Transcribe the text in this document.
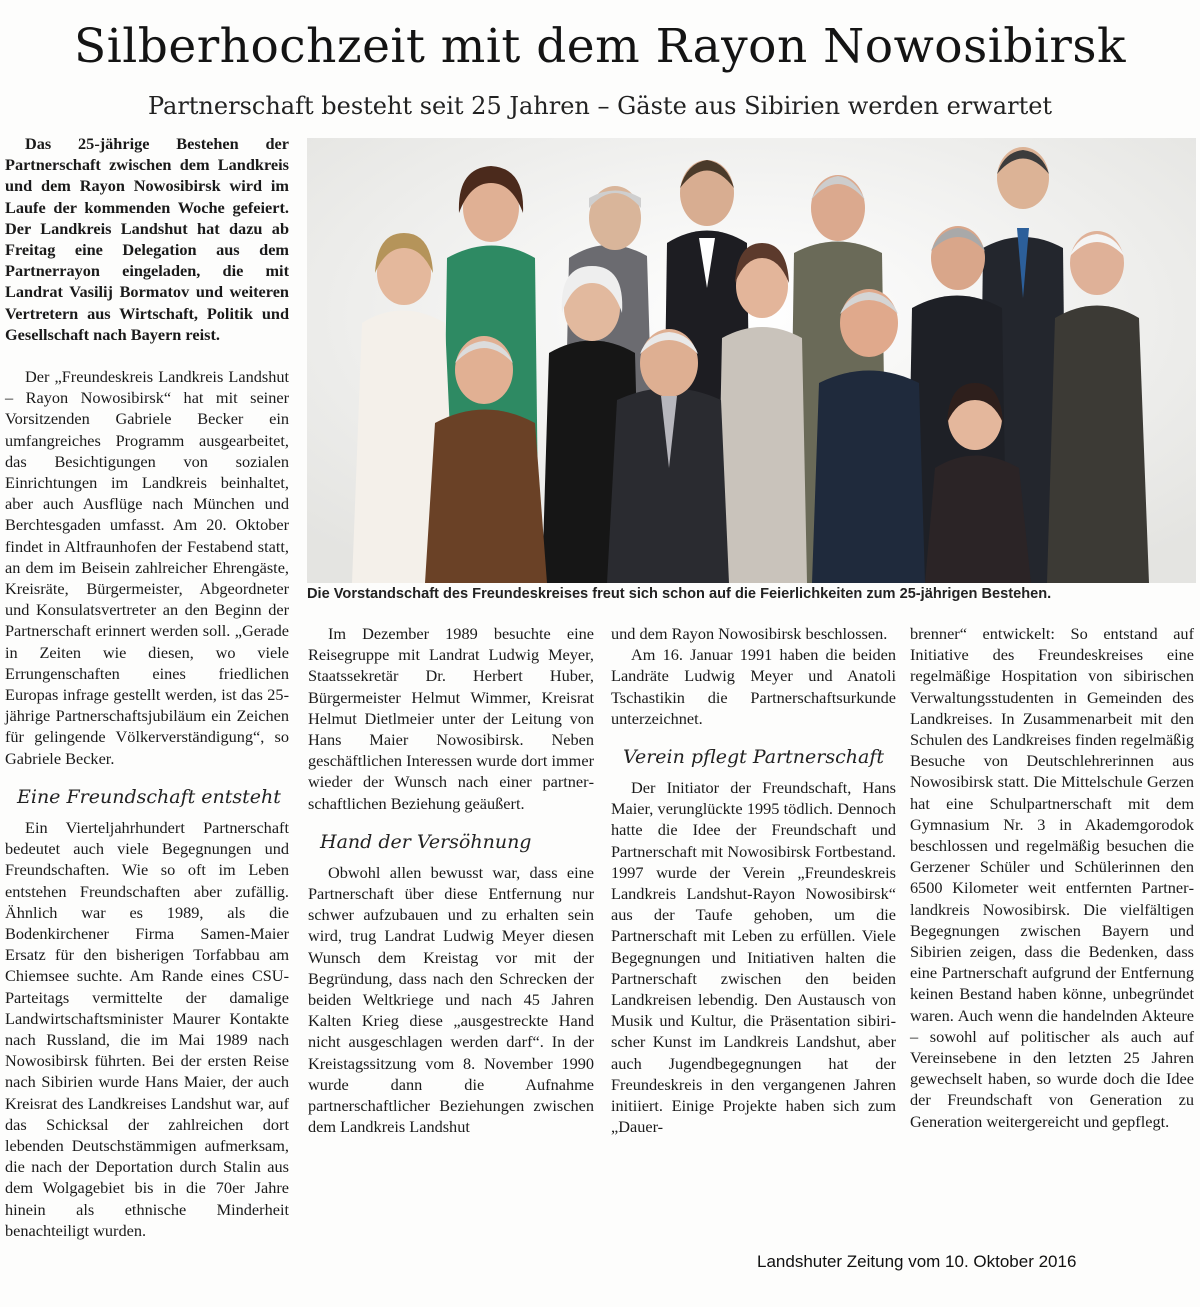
Silberhochzeit mit dem Rayon Nowosibirsk
Partnerschaft besteht seit 25 Jahren – Gäste aus Sibirien werden erwartet

Das 25-jährige Bestehen der Partnerschaft zwischen dem Landkreis und dem Rayon Nowosibirsk wird im Laufe der kommenden Woche gefeiert. Der Landkreis Landshut hat dazu ab Freitag eine Delegation aus dem Partnerrayon eingeladen, die mit Landrat Vasilij Bormatov und weiteren Vertretern aus Wirtschaft, Politik und Gesellschaft nach Bayern reist.

Der „Freundeskreis Landkreis Landshut – Rayon Nowosibirsk“ hat mit seiner Vorsitzenden Gabriele Becker ein umfangreiches Programm ausgearbeitet, das Besichtigungen von sozialen Einrichtungen im Landkreis beinhaltet, aber auch Ausflüge nach München und Berchtesgaden umfasst. Am 20. Oktober findet in Altfraunhofen der Festabend statt, an dem im Beisein zahlreicher Ehrengäste, Kreisräte, Bürgermeister, Abgeordneter und Konsulatsvertreter an den Beginn der Partnerschaft erinnert werden soll. „Gerade in Zeiten wie diesen, wo viele Errungenschaften eines friedlichen Europas infrage gestellt werden, ist das 25-jährige Partnerschaftsjubiläum ein Zeichen für gelingende Völkerverständigung“, so Gabriele Becker.

Eine Freundschaft entsteht

Ein Vierteljahrhundert Partnerschaft bedeutet auch viele Begegnungen und Freundschaften. Wie so oft im Leben entstehen Freundschaften aber zufällig. Ähnlich war es 1989, als die Bodenkirchener Firma Samen-Maier Ersatz für den bisherigen Torfabbau am Chiemsee suchte. Am Rande eines CSU-Parteitags vermittelte der damalige Landwirtschaftsminister Maurer Kontakte nach Russland, die im Mai 1989 nach Nowosibirsk führten. Bei der ersten Reise nach Sibirien wurde Hans Maier, der auch Kreisrat des Landkreises Landshut war, auf das Schicksal der zahlreichen dort lebenden Deutschstämmigen aufmerksam, die nach der Deportation durch Stalin aus dem Wolgagebiet bis in die 70er Jahre hinein als ethnische Minderheit benachteiligt wurden.

Die Vorstandschaft des Freundeskreises freut sich schon auf die Feierlichkeiten zum 25-jährigen Bestehen.

Im Dezember 1989 besuchte eine Reisegruppe mit Landrat Ludwig Meyer, Staatssekretär Dr. Herbert Huber, Bürgermeister Helmut Wimmer, Kreisrat Helmut Dietlmeier unter der Leitung von Hans Maier Nowosibirsk. Neben geschäftlichen Interessen wurde dort immer wieder der Wunsch nach einer partnerschaftlichen Beziehung geäußert.

Hand der Versöhnung

Obwohl allen bewusst war, dass eine Partnerschaft über diese Entfernung nur schwer aufzubauen und zu erhalten sein wird, trug Landrat Ludwig Meyer diesen Wunsch dem Kreistag vor mit der Begründung, dass nach den Schrecken der beiden Weltkriege und nach 45 Jahren Kalten Krieg diese „ausgestreckte Hand nicht ausgeschlagen werden darf“. In der Kreistagssitzung vom 8. November 1990 wurde dann die Aufnahme partnerschaftlicher Beziehungen zwischen dem Landkreis Landshut

und dem Rayon Nowosibirsk beschlossen.

Am 16. Januar 1991 haben die beiden Landräte Ludwig Meyer und Anatoli Tschastikin die Partnerschaftsurkunde unterzeichnet.

Verein pflegt Partnerschaft

Der Initiator der Freundschaft, Hans Maier, verunglückte 1995 tödlich. Dennoch hatte die Idee der Freundschaft und Partnerschaft mit Nowosibirsk Fortbestand. 1997 wurde der Verein „Freundeskreis Landkreis Landshut-Rayon Nowosibirsk“ aus der Taufe gehoben, um die Partnerschaft mit Leben zu erfüllen. Viele Begegnungen und Initiativen halten die Partnerschaft zwischen den beiden Landkreisen lebendig. Den Austausch von Musik und Kultur, die Präsentation sibirischer Kunst im Landkreis Landshut, aber auch Jugendbegegnungen hat der Freundeskreis in den vergangenen Jahren initiiert. Einige Projekte haben sich zum „Dauer-

brenner“ entwickelt: So entstand auf Initiative des Freundeskreises eine regelmäßige Hospitation von sibirischen Verwaltungsstudenten in Gemeinden des Landkreises. In Zusammenarbeit mit den Schulen des Landkreises finden regelmäßig Besuche von Deutschlehrerinnen aus Nowosibirsk statt. Die Mittelschule Gerzen hat eine Schulpartnerschaft mit dem Gymnasium Nr. 3 in Akademgorodok beschlossen und regelmäßig besuchen die Gerzener Schüler und Schülerinnen den 6500 Kilometer weit entfernten Partnerlandkreis Nowosibirsk. Die vielfältigen Begegnungen zwischen Bayern und Sibirien zeigen, dass die Bedenken, dass eine Partnerschaft aufgrund der Entfernung keinen Bestand haben könne, unbegründet waren. Auch wenn die handelnden Akteure – sowohl auf politischer als auch auf Vereinsebene in den letzten 25 Jahren gewechselt haben, so wurde doch die Idee der Freundschaft von Generation zu Generation weitergereicht und gepflegt.

Landshuter Zeitung vom 10. Oktober 2016
